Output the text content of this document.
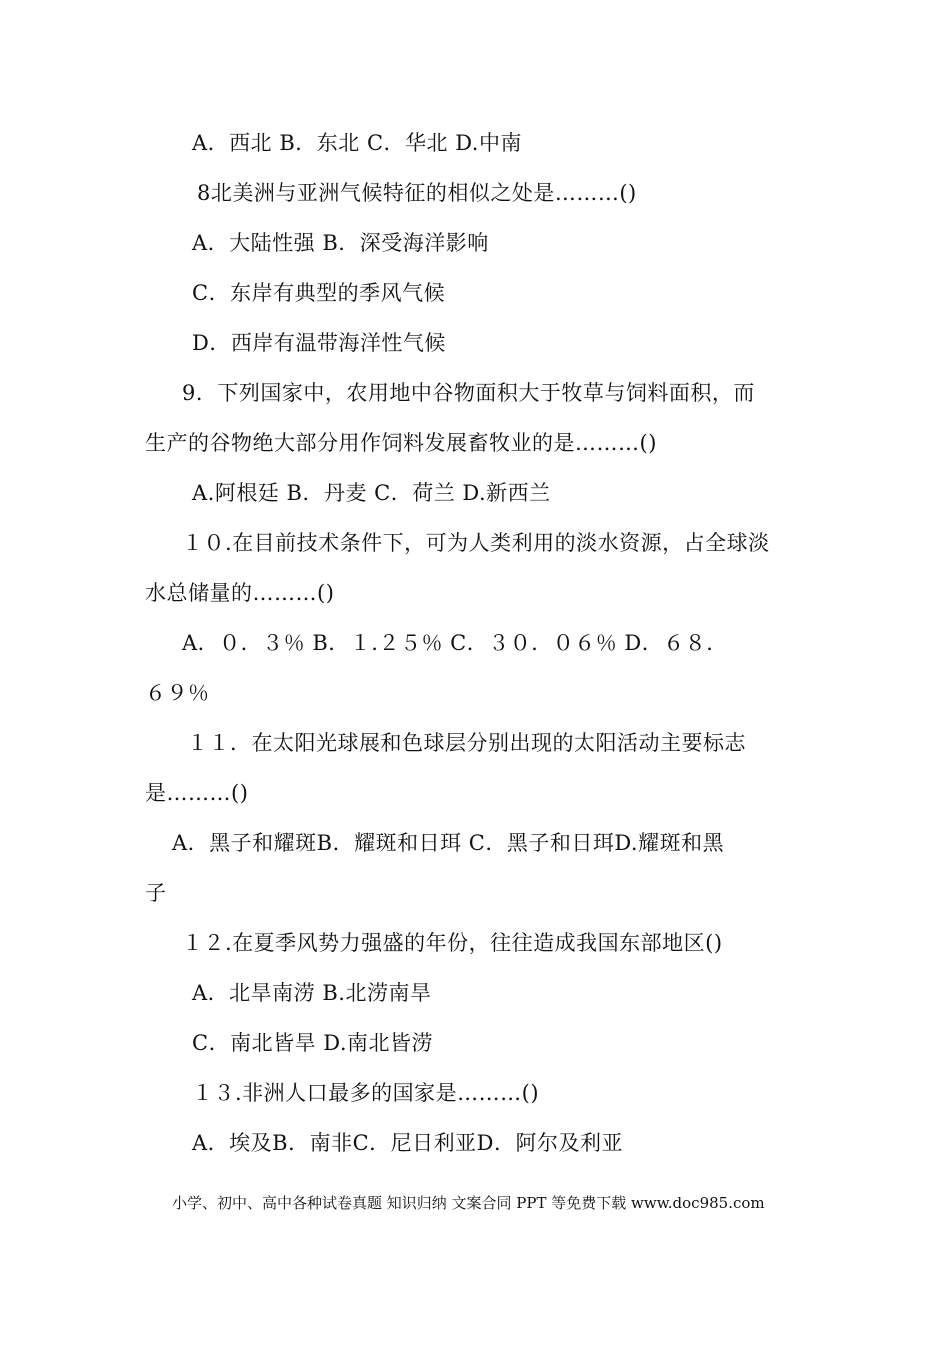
A．西北 B．东北 C．华北 D.中南
8北美洲与亚洲气候特征的相似之处是………()
A．大陆性强 B．深受海洋影响
C．东岸有典型的季风气候
D．西岸有温带海洋性气候
9．下列国家中，农用地中谷物面积大于牧草与饲料面积，而
生产的谷物绝大部分用作饲料发展畜牧业的是………()
A.阿根廷 B．丹麦 C．荷兰 D.新西兰
１０.在目前技术条件下，可为人类利用的淡水资源，占全球淡
水总储量的………()
A．０．３％ B．１.２５％ C．３０．０６％ D．６８．
６９％
１１．在太阳光球展和色球层分别出现的太阳活动主要标志
是………()
A．黑子和耀斑B．耀斑和日珥 C．黑子和日珥D.耀斑和黑
子
１２.在夏季风势力强盛的年份，往往造成我国东部地区()
A．北旱南涝 B.北涝南旱
C．南北皆旱 D.南北皆涝
１３.非洲人口最多的国家是………()
A．埃及B．南非C．尼日利亚D．阿尔及利亚
小学、初中、高中各种试卷真题 知识归纳 文案合同 PPT 等免费下载 www.doc985.com
